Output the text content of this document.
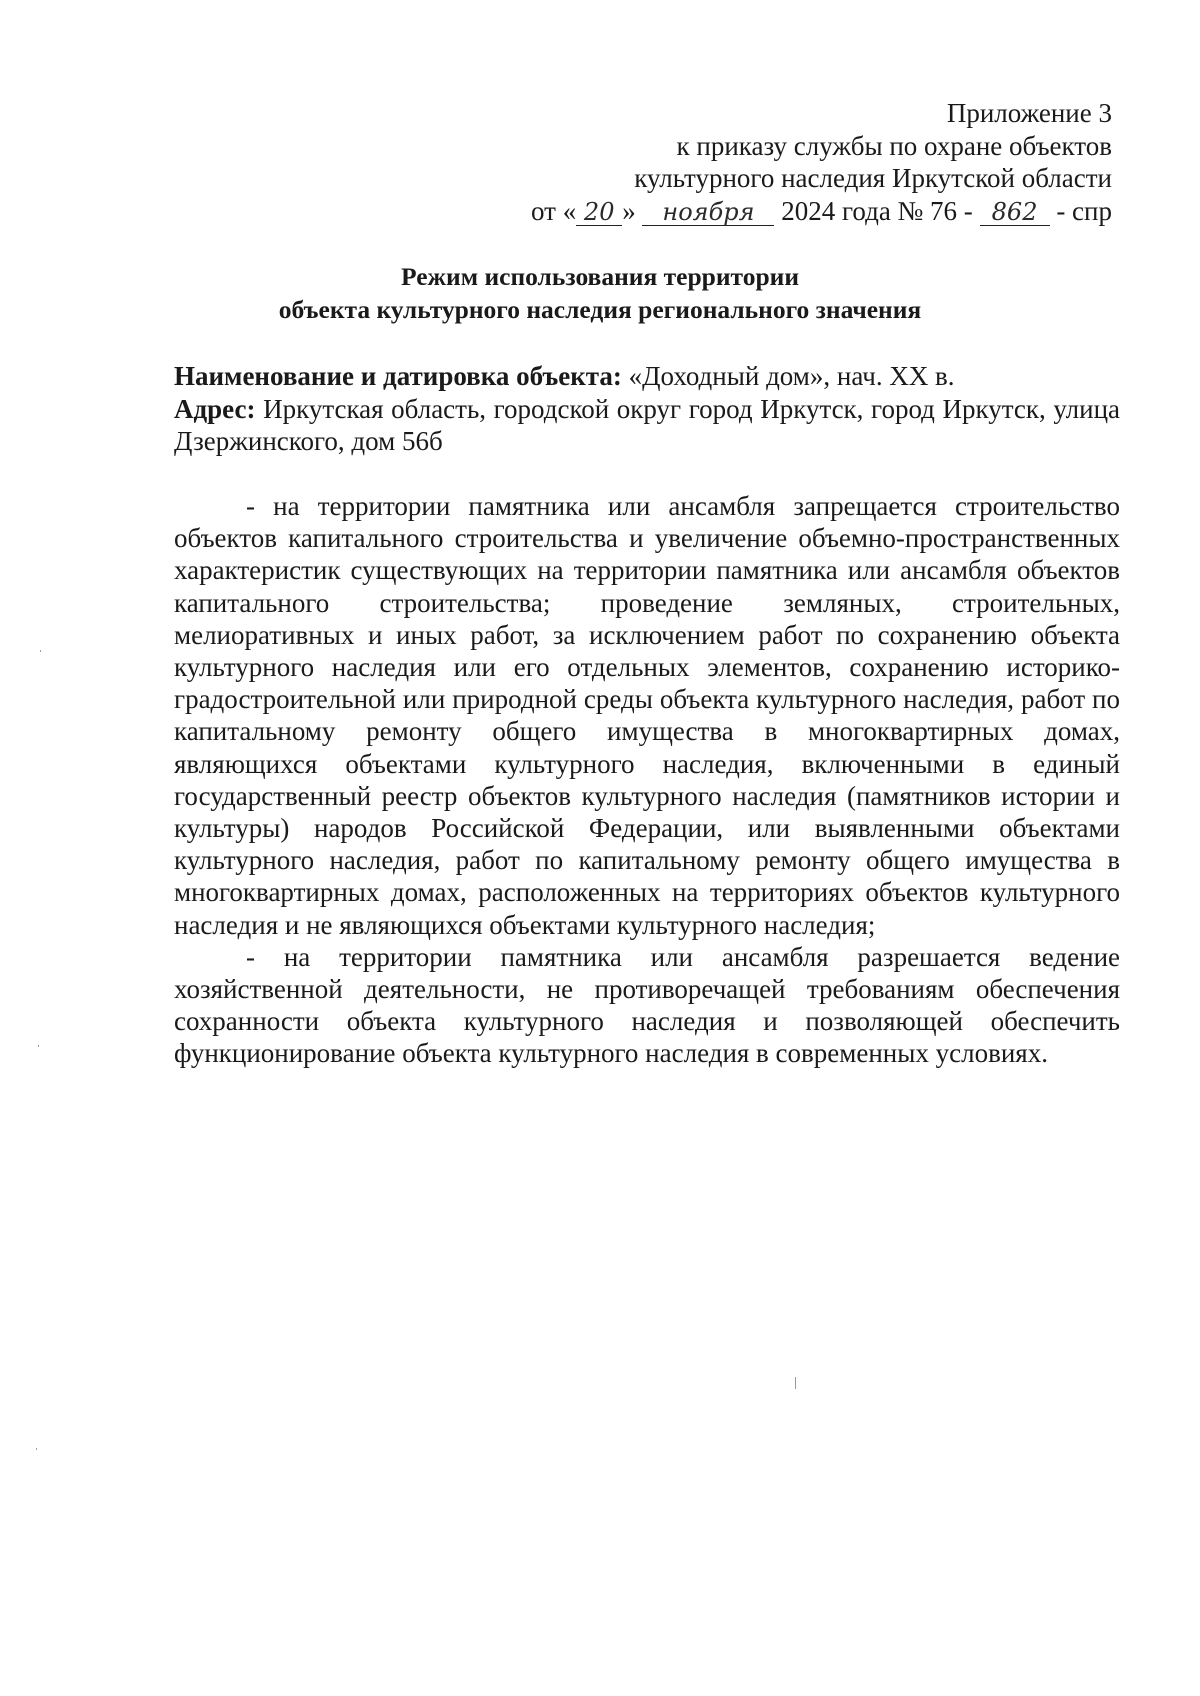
Приложение 3
к приказу службы по охране объектов
культурного наследия Иркутской области
от « 20 » ноября 2024 года № 76 - 862 - спр
Режим использования территории
объекта культурного наследия регионального значения

Наименование и датировка объекта: «Доходный дом», нач. XX в.

Адрес: Иркутская область, городской округ город Иркутск, город Иркутск, улица Дзержинского, дом 56б

- на территории памятника или ансамбля запрещается строительство объектов капитального строительства и увеличение объемно-пространственных характеристик существующих на территории памятника или ансамбля объектов капитального строительства; проведение земляных, строительных, мелиоративных и иных работ, за исключением работ по сохранению объекта культурного наследия или его отдельных элементов, сохранению историко-градостроительной или природной среды объекта культурного наследия, работ по капитальному ремонту общего имущества в многоквартирных домах, являющихся объектами культурного наследия, включенными в единый государственный реестр объектов культурного наследия (памятников истории и культуры) народов Российской Федерации, или выявленными объектами культурного наследия, работ по капитальному ремонту общего имущества в многоквартирных домах, расположенных на территориях объектов культурного наследия и не являющихся объектами культурного наследия;

- на территории памятника или ансамбля разрешается ведение хозяйственной деятельности, не противоречащей требованиям обеспечения сохранности объекта культурного наследия и позволяющей обеспечить функционирование объекта культурного наследия в современных условиях.
